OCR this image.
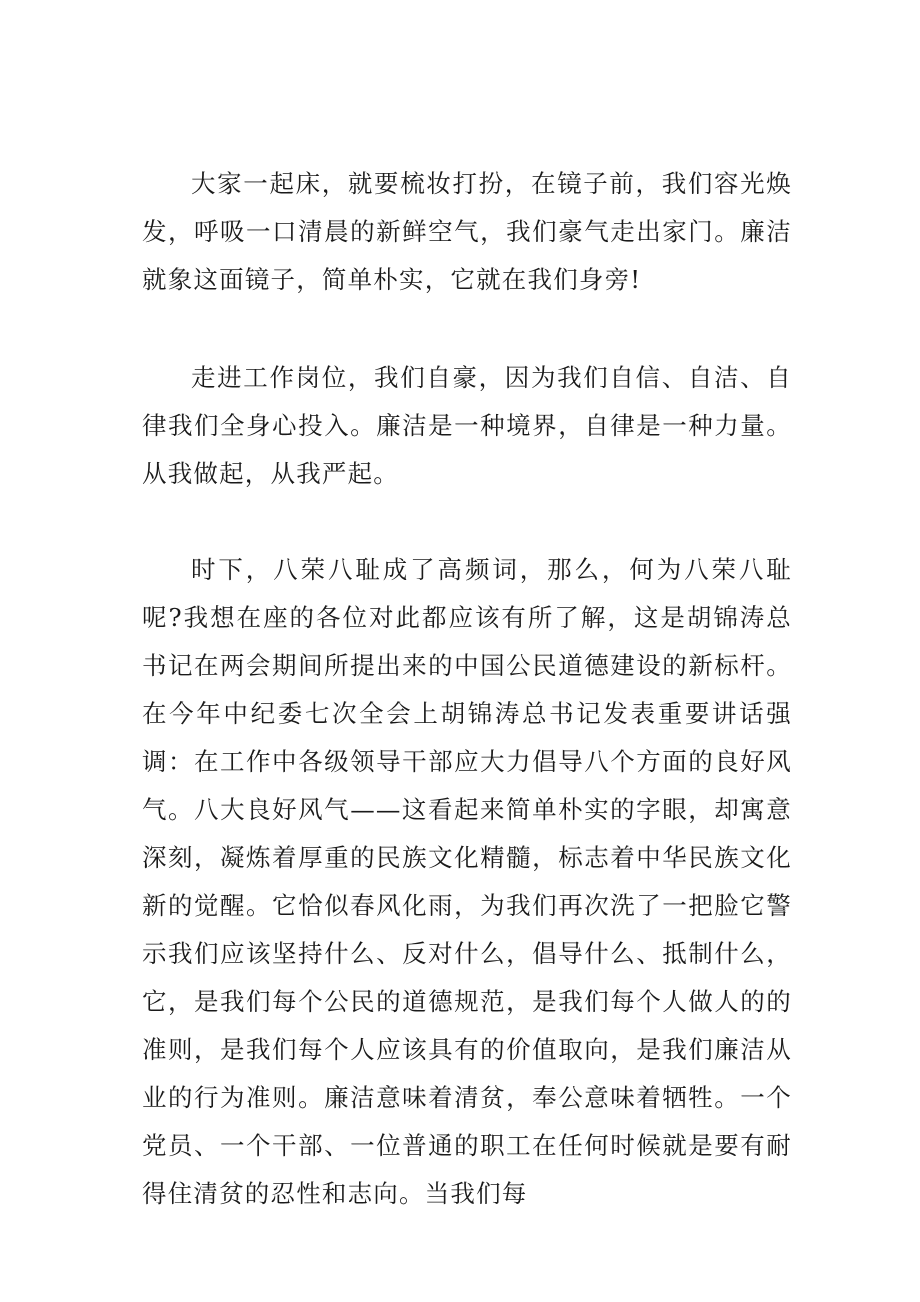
大家一起床，就要梳妆打扮，在镜子前，我们容光焕发，呼吸一口清晨的新鲜空气，我们豪气走出家门。廉洁就象这面镜子，简单朴实，它就在我们身旁!

走进工作岗位，我们自豪，因为我们自信、自洁、自律我们全身心投入。廉洁是一种境界，自律是一种力量。从我做起，从我严起。

时下，八荣八耻成了高频词，那么，何为八荣八耻呢?我想在座的各位对此都应该有所了解，这是胡锦涛总书记在两会期间所提出来的中国公民道德建设的新标杆。在今年中纪委七次全会上胡锦涛总书记发表重要讲话强调：在工作中各级领导干部应大力倡导八个方面的良好风气。八大良好风气——这看起来简单朴实的字眼，却寓意深刻，凝炼着厚重的民族文化精髓，标志着中华民族文化新的觉醒。它恰似春风化雨，为我们再次洗了一把脸它警示我们应该坚持什么、反对什么，倡导什么、抵制什么，它，是我们每个公民的道德规范，是我们每个人做人的的准则，是我们每个人应该具有的价值取向，是我们廉洁从业的行为准则。廉洁意味着清贫，奉公意味着牺牲。一个党员、一个干部、一位普通的职工在任何时候就是要有耐得住清贫的忍性和志向。当我们每
